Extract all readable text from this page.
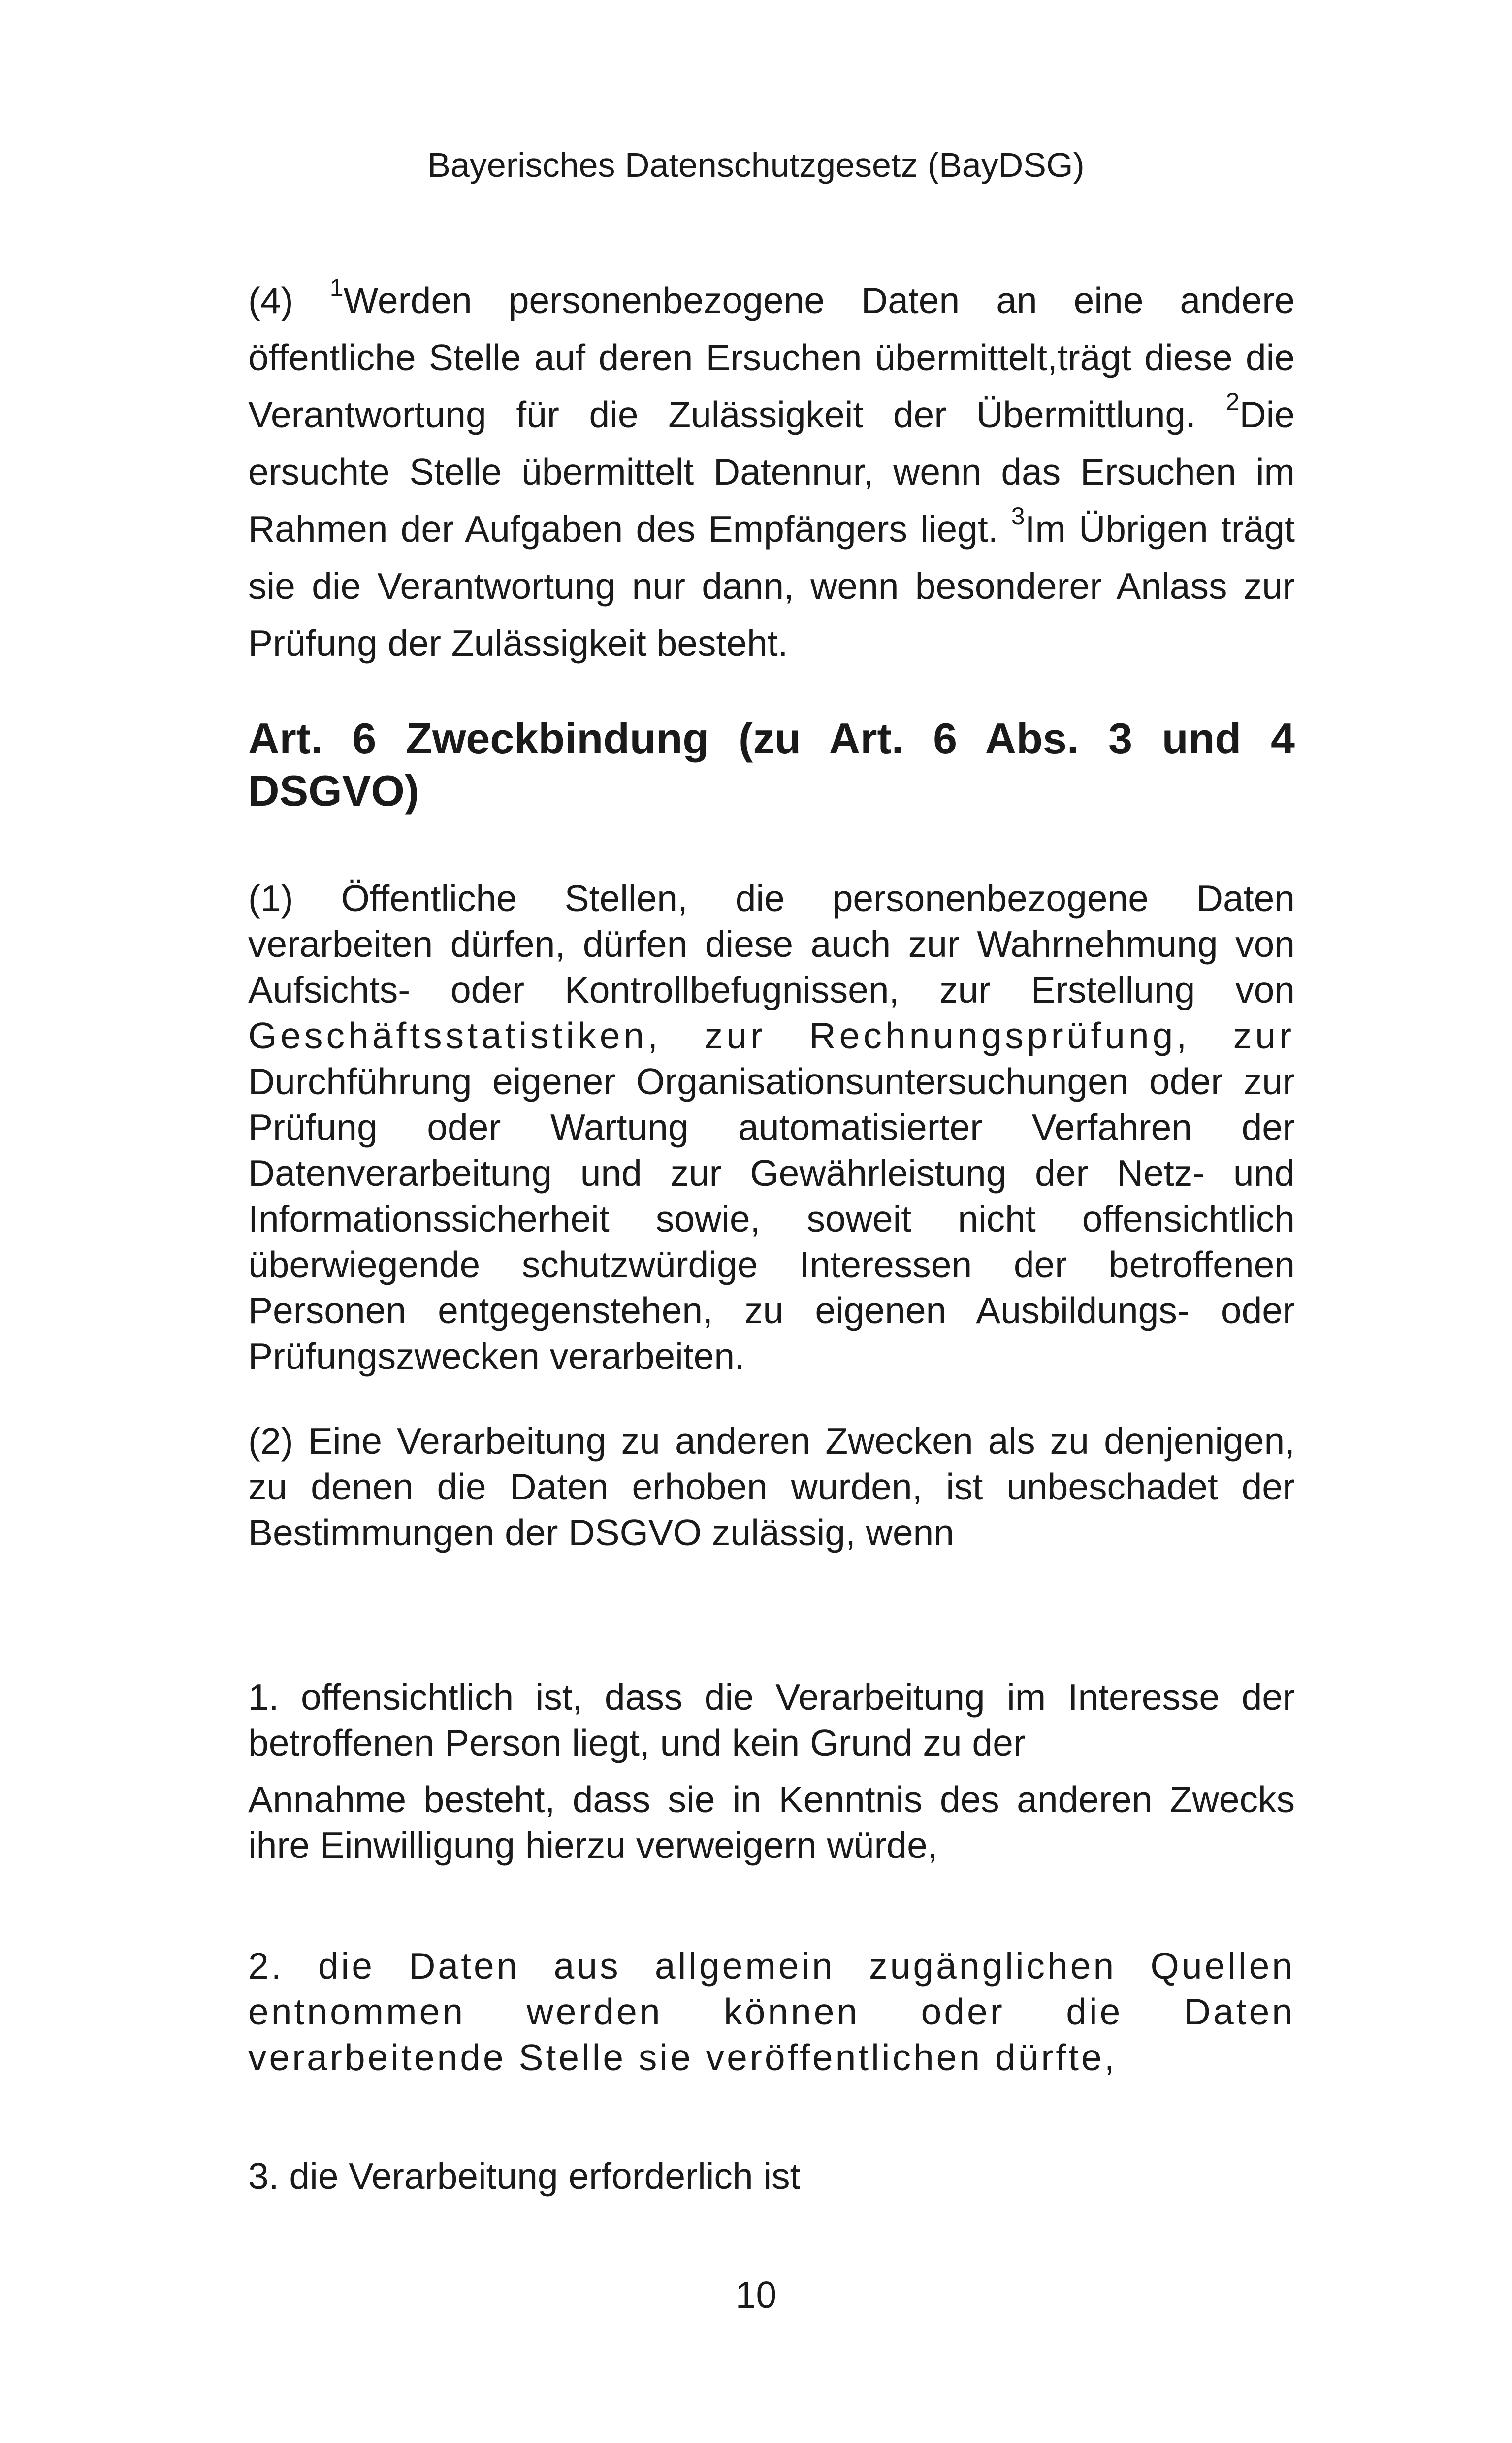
Bayerisches Datenschutzgesetz (BayDSG)

(4) $^1$Werden personenbezogene Daten an eine andere öffentliche Stelle auf deren Ersuchen übermittelt,trägt diese die Verantwortung für die Zulässigkeit der Übermittlung. $^2$Die ersuchte Stelle übermittelt Datennur, wenn das Ersuchen im Rahmen der Aufgaben des Empfängers liegt. $^3$Im Übrigen trägt sie die Verantwortung nur dann, wenn besonderer Anlass zur Prüfung der Zulässigkeit besteht.

Art. 6 Zweckbindung (zu Art. 6 Abs. 3 und 4 DSGVO)

(1) Öffentliche Stellen, die personenbezogene Daten verarbeiten dürfen, dürfen diese auch zur Wahrnehmung von Aufsichts- oder Kontrollbefugnissen, zur Erstellung von Geschäftsstatistiken, zur Rechnungsprüfung, zur Durchführung eigener Organisationsuntersuchungen oder zur Prüfung oder Wartung automatisierter Verfahren der Datenverarbeitung und zur Gewährleistung der Netz- und Informationssicherheit sowie, soweit nicht offensichtlich überwiegende schutzwürdige Interessen der betroffenen Personen entgegenstehen, zu eigenen Ausbildungs- oder Prüfungszwecken verarbeiten.

(2) Eine Verarbeitung zu anderen Zwecken als zu denjenigen, zu denen die Daten erhoben wurden, ist unbeschadet der Bestimmungen der DSGVO zulässig, wenn

1. offensichtlich ist, dass die Verarbeitung im Interesse der betroffenen Person liegt, und kein Grund zu der

Annahme besteht, dass sie in Kenntnis des anderen Zwecks ihre Einwilligung hierzu verweigern würde,

2. die Daten aus allgemein zugänglichen Quellen entnommen werden können oder die Daten verarbeitende Stelle sie veröffentlichen dürfte,

3. die Verarbeitung erforderlich ist

10
